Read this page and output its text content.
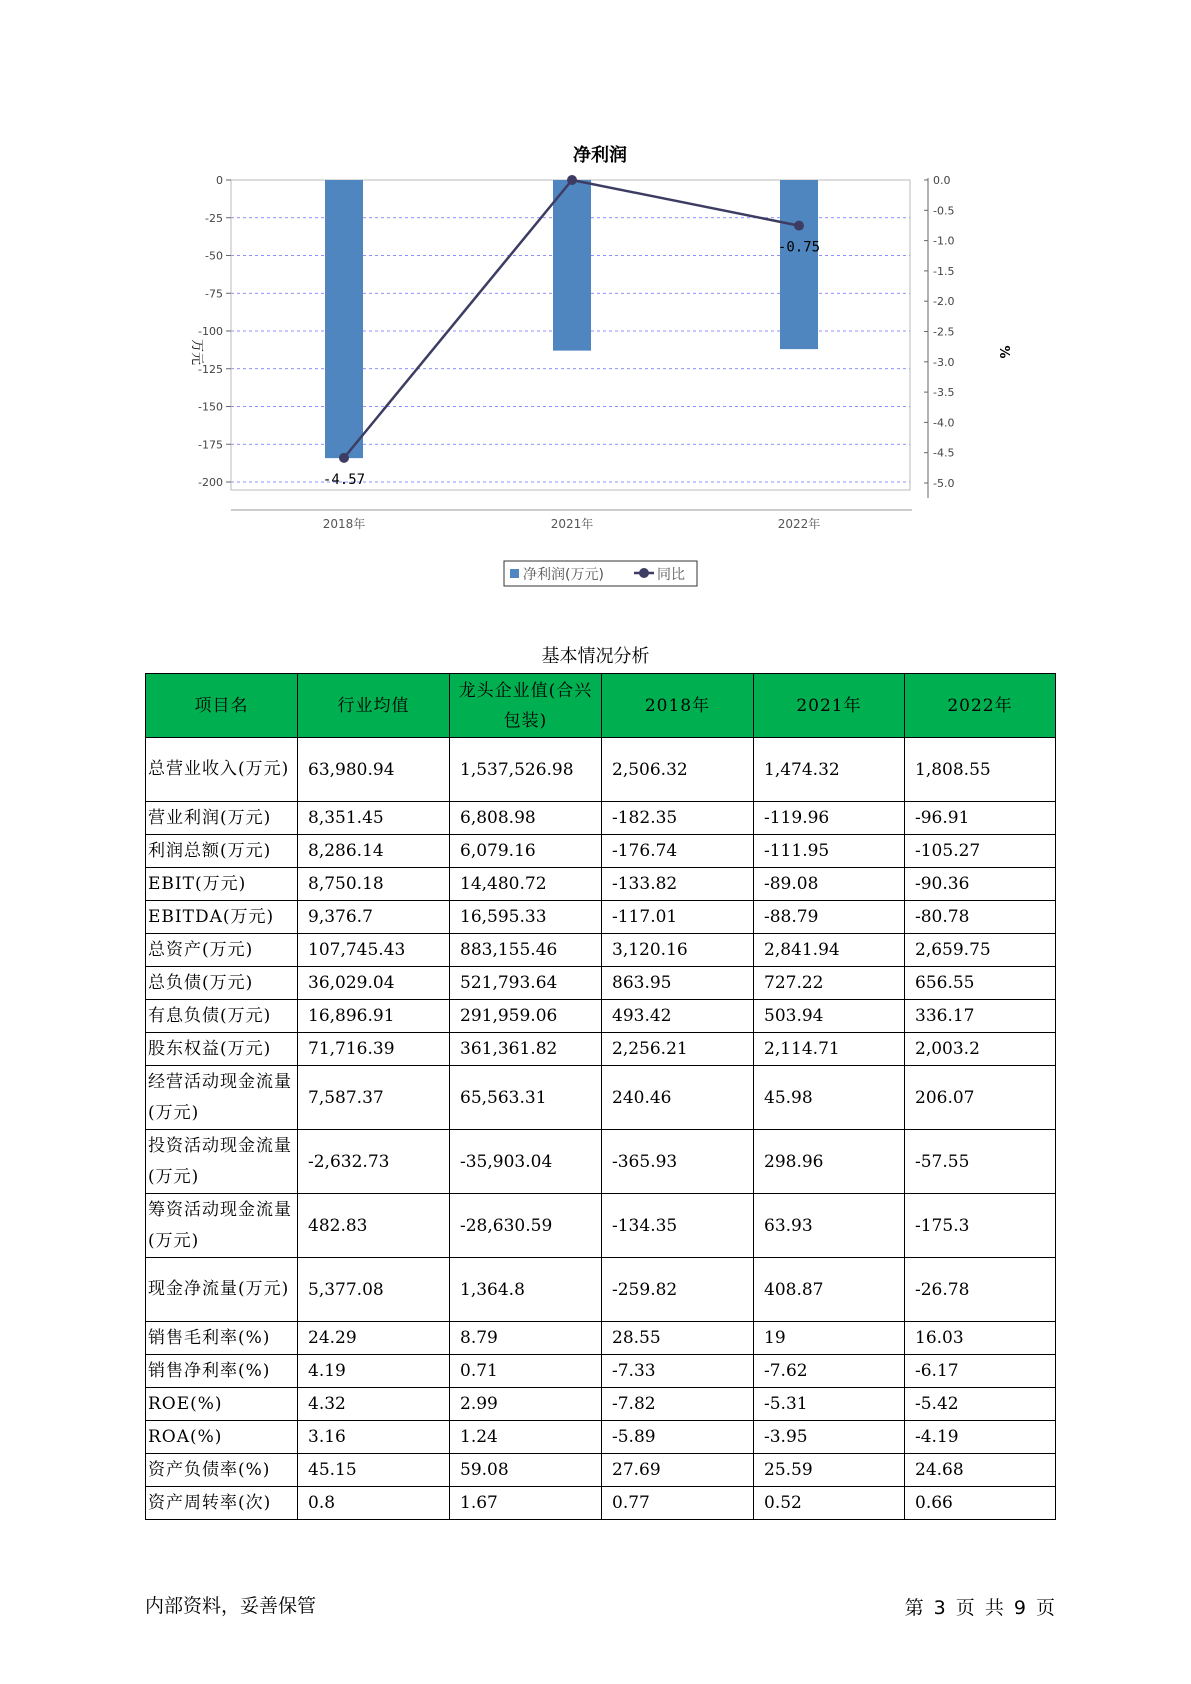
净利润
0
-25
-50
-75
-100
-125
-150
-175
-200
0.0
-0.5
-1.0
-1.5
-2.0
-2.5
-3.0
-3.5
-4.0
-4.5
-5.0
2018年	2021年	2022年
-4.57
-0.75
万元	%
净利润(万元)	同比
基本情况分析
项目名	行业均值	龙头企业值(合兴包装)	2018年	2021年	2022年
总营业收入(万元)	63,980.94	1,537,526.98	2,506.32	1,474.32	1,808.55
营业利润(万元)	8,351.45	6,808.98	-182.35	-119.96	-96.91
利润总额(万元)	8,286.14	6,079.16	-176.74	-111.95	-105.27
EBIT(万元)	8,750.18	14,480.72	-133.82	-89.08	-90.36
EBITDA(万元)	9,376.7	16,595.33	-117.01	-88.79	-80.78
总资产(万元)	107,745.43	883,155.46	3,120.16	2,841.94	2,659.75
总负债(万元)	36,029.04	521,793.64	863.95	727.22	656.55
有息负债(万元)	16,896.91	291,959.06	493.42	503.94	336.17
股东权益(万元)	71,716.39	361,361.82	2,256.21	2,114.71	2,003.2
经营活动现金流量(万元)	7,587.37	65,563.31	240.46	45.98	206.07
投资活动现金流量(万元)	-2,632.73	-35,903.04	-365.93	298.96	-57.55
筹资活动现金流量(万元)	482.83	-28,630.59	-134.35	63.93	-175.3
现金净流量(万元)	5,377.08	1,364.8	-259.82	408.87	-26.78
销售毛利率(%)	24.29	8.79	28.55	19	16.03
销售净利率(%)	4.19	0.71	-7.33	-7.62	-6.17
ROE(%)	4.32	2.99	-7.82	-5.31	-5.42
ROA(%)	3.16	1.24	-5.89	-3.95	-4.19
资产负债率(%)	45.15	59.08	27.69	25.59	24.68
资产周转率(次)	0.8	1.67	0.77	0.52	0.66
内部资料，妥善保管	第 3 页 共 9 页
